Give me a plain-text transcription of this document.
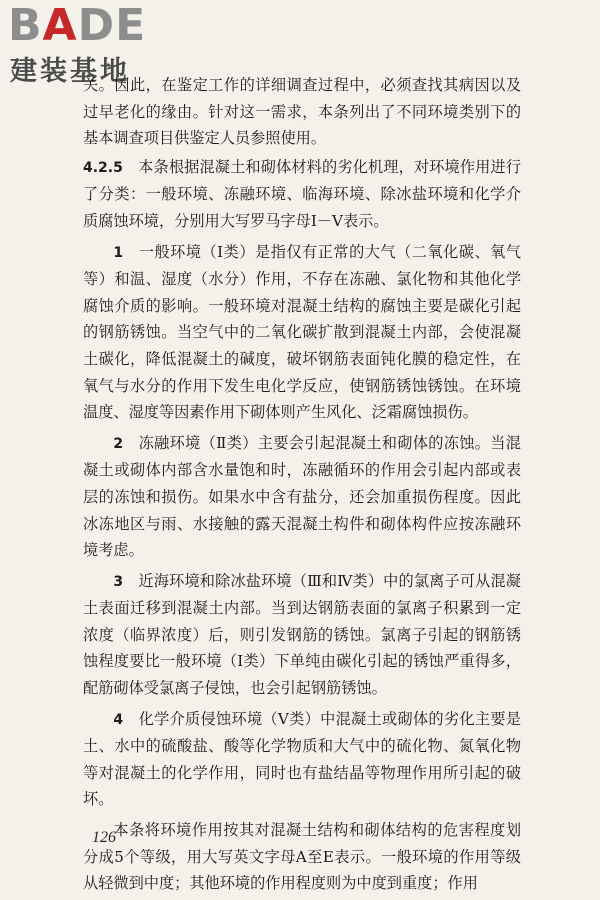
BADE
建装基地

关。因此，在鉴定工作的详细调查过程中，必须查找其病因以及过早老化的缘由。针对这一需求，本条列出了不同环境类别下的基本调查项目供鉴定人员参照使用。

4.2.5  本条根据混凝土和砌体材料的劣化机理，对环境作用进行了分类：一般环境、冻融环境、临海环境、除冰盐环境和化学介质腐蚀环境，分别用大写罗马字母Ⅰ－Ⅴ表示。

1  一般环境（Ⅰ类）是指仅有正常的大气（二氧化碳、氧气等）和温、湿度（水分）作用，不存在冻融、氯化物和其他化学腐蚀介质的影响。一般环境对混凝土结构的腐蚀主要是碳化引起的钢筋锈蚀。当空气中的二氧化碳扩散到混凝土内部，会使混凝土碳化，降低混凝土的碱度，破坏钢筋表面钝化膜的稳定性，在氧气与水分的作用下发生电化学反应，使钢筋锈蚀锈蚀。在环境温度、湿度等因素作用下砌体则产生风化、泛霜腐蚀损伤。

2  冻融环境（Ⅱ类）主要会引起混凝土和砌体的冻蚀。当混凝土或砌体内部含水量饱和时，冻融循环的作用会引起内部或表层的冻蚀和损伤。如果水中含有盐分，还会加重损伤程度。因此冰冻地区与雨、水接触的露天混凝土构件和砌体构件应按冻融环境考虑。

3  近海环境和除冰盐环境（Ⅲ和Ⅳ类）中的氯离子可从混凝土表面迁移到混凝土内部。当到达钢筋表面的氯离子积累到一定浓度（临界浓度）后，则引发钢筋的锈蚀。氯离子引起的钢筋锈蚀程度要比一般环境（Ⅰ类）下单纯由碳化引起的锈蚀严重得多，配筋砌体受氯离子侵蚀，也会引起钢筋锈蚀。

4  化学介质侵蚀环境（Ⅴ类）中混凝土或砌体的劣化主要是土、水中的硫酸盐、酸等化学物质和大气中的硫化物、氮氧化物等对混凝土的化学作用，同时也有盐结晶等物理作用所引起的破坏。

本条将环境作用按其对混凝土结构和砌体结构的危害程度划分成5个等级，用大写英文字母A至E表示。一般环境的作用等级从轻微到中度；其他环境的作用程度则为中度到重度；作用

126
